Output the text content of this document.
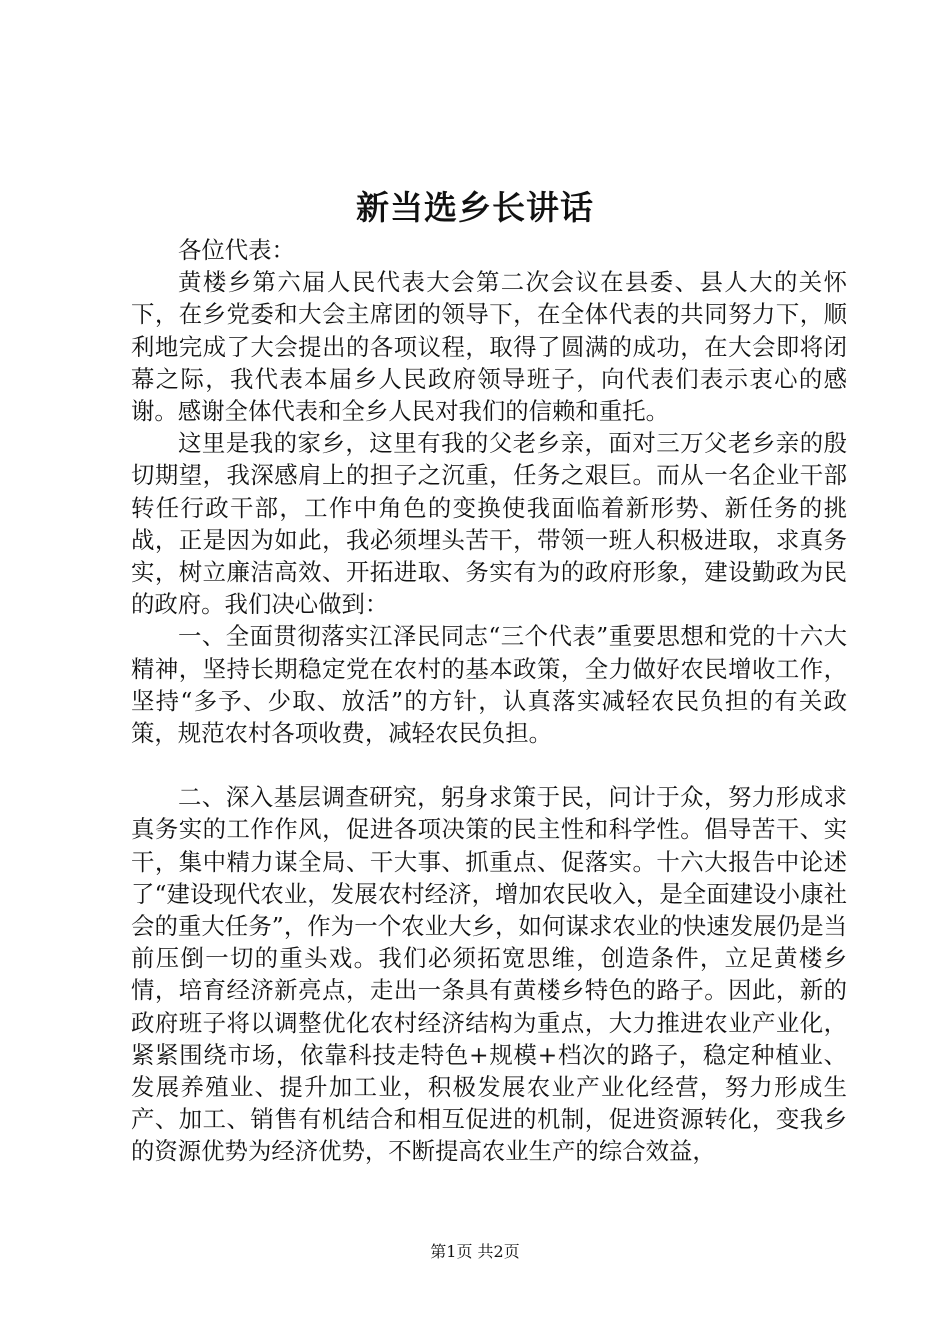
新当选乡长讲话

各位代表：

黄楼乡第六届人民代表大会第二次会议在县委、县人大的关怀下，在乡党委和大会主席团的领导下，在全体代表的共同努力下，顺利地完成了大会提出的各项议程，取得了圆满的成功，在大会即将闭幕之际，我代表本届乡人民政府领导班子，向代表们表示衷心的感谢。感谢全体代表和全乡人民对我们的信赖和重托。

这里是我的家乡，这里有我的父老乡亲，面对三万父老乡亲的殷切期望，我深感肩上的担子之沉重，任务之艰巨。而从一名企业干部转任行政干部，工作中角色的变换使我面临着新形势、新任务的挑战，正是因为如此，我必须埋头苦干，带领一班人积极进取，求真务实，树立廉洁高效、开拓进取、务实有为的政府形象，建设勤政为民的政府。我们决心做到：

一、全面贯彻落实江泽民同志“三个代表”重要思想和党的十六大精神，坚持长期稳定党在农村的基本政策，全力做好农民增收工作，坚持“多予、少取、放活”的方针，认真落实减轻农民负担的有关政策，规范农村各项收费，减轻农民负担。

二、深入基层调查研究，躬身求策于民，问计于众，努力形成求真务实的工作作风，促进各项决策的民主性和科学性。倡导苦干、实干，集中精力谋全局、干大事、抓重点、促落实。十六大报告中论述了“建设现代农业，发展农村经济，增加农民收入，是全面建设小康社会的重大任务”，作为一个农业大乡，如何谋求农业的快速发展仍是当前压倒一切的重头戏。我们必须拓宽思维，创造条件，立足黄楼乡情，培育经济新亮点，走出一条具有黄楼乡特色的路子。因此，新的政府班子将以调整优化农村经济结构为重点，大力推进农业产业化，紧紧围绕市场，依靠科技走特色+规模+档次的路子，稳定种植业、发展养殖业、提升加工业，积极发展农业产业化经营，努力形成生产、加工、销售有机结合和相互促进的机制，促进资源转化，变我乡的资源优势为经济优势，不断提高农业生产的综合效益，

第1页 共2页
